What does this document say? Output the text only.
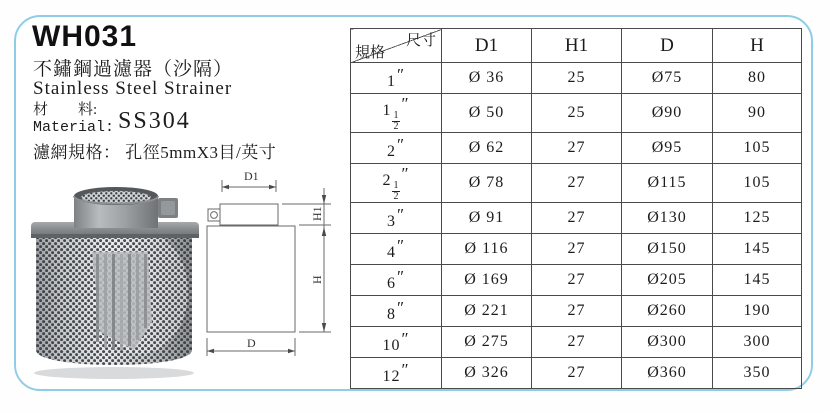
WH031
不鏽鋼過濾器（沙隔）
Stainless Steel Strainer
材　　料:
Material: SS304
濾網規格： 孔徑5mmX3目/英寸
D1
D
H1
H
尺寸
規格	D1	H1	D	H
1″	Ø 36	25	Ø75	80
1
$\frac{1}{2}$
″	Ø 50	25	Ø90	90
2″	Ø 62	27	Ø95	105
2
$\frac{1}{2}$
″	Ø 78	27	Ø115	105
3″	Ø 91	27	Ø130	125
4″	Ø 116	27	Ø150	145
6″	Ø 169	27	Ø205	145
8″	Ø 221	27	Ø260	190
10″	Ø 275	27	Ø300	300
12″	Ø 326	27	Ø360	350
